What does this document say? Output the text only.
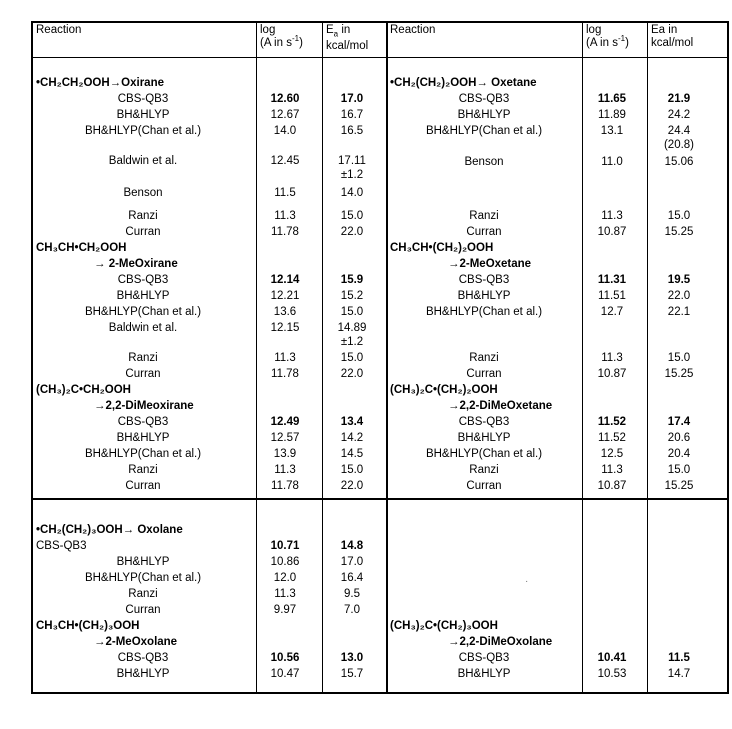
Reaction	log
(A in $s^{-1}$)
$E_a$ in
kcal/mol
Reaction	log
(A in $s^{-1}$)
Ea in
kcal/mol
•CH₂CH₂OOH→Oxirane
CBS-QB3	12.60	17.0
BH&HLYP	12.67	16.7
BH&HLYP(Chan et al.)	14.0	16.5
Baldwin et al.	12.45	17.11
±1.2
Benson	11.5	14.0
Ranzi	11.3	15.0
Curran	11.78	22.0
CH₃CH•CH₂OOH
→ 2-MeOxirane
CBS-QB3	12.14	15.9
BH&HLYP	12.21	15.2
BH&HLYP(Chan et al.)	13.6	15.0
Baldwin et al.	12.15	14.89
±1.2
Ranzi	11.3	15.0
Curran	11.78	22.0
(CH₃)₂C•CH₂OOH
→2,2-DiMeoxirane
CBS-QB3	12.49	13.4
BH&HLYP	12.57	14.2
BH&HLYP(Chan et al.)	13.9	14.5
Ranzi	11.3	15.0
Curran	11.78	22.0
•CH₂(CH₂)₂OOH→ Oxetane
CBS-QB3	11.65	21.9
BH&HLYP	11.89	24.2
BH&HLYP(Chan et al.)	13.1	24.4
(20.8)
Benson	11.0	15.06
Ranzi	11.3	15.0
Curran	10.87	15.25
CH₃CH•(CH₂)₂OOH
→2-MeOxetane
CBS-QB3	11.31	19.5
BH&HLYP	11.51	22.0
BH&HLYP(Chan et al.)	12.7	22.1
Ranzi	11.3	15.0
Curran	10.87	15.25
(CH₃)₂C•(CH₂)₂OOH
→2,2-DiMeOxetane
CBS-QB3	11.52	17.4
BH&HLYP	11.52	20.6
BH&HLYP(Chan et al.)	12.5	20.4
Ranzi	11.3	15.0
Curran	10.87	15.25
•CH₂(CH₂)₃OOH→ Oxolane
CBS-QB3	10.71	14.8
BH&HLYP	10.86	17.0
BH&HLYP(Chan et al.)	12.0	16.4
Ranzi	11.3	9.5
Curran	9.97	7.0
CH₃CH•(CH₂)₃OOH
→2-MeOxolane
CBS-QB3	10.56	13.0
BH&HLYP	10.47	15.7
(CH₃)₂C•(CH₂)₃OOH
→2,2-DiMeOxolane
CBS-QB3	10.41	11.5
BH&HLYP	10.53	14.7
·
